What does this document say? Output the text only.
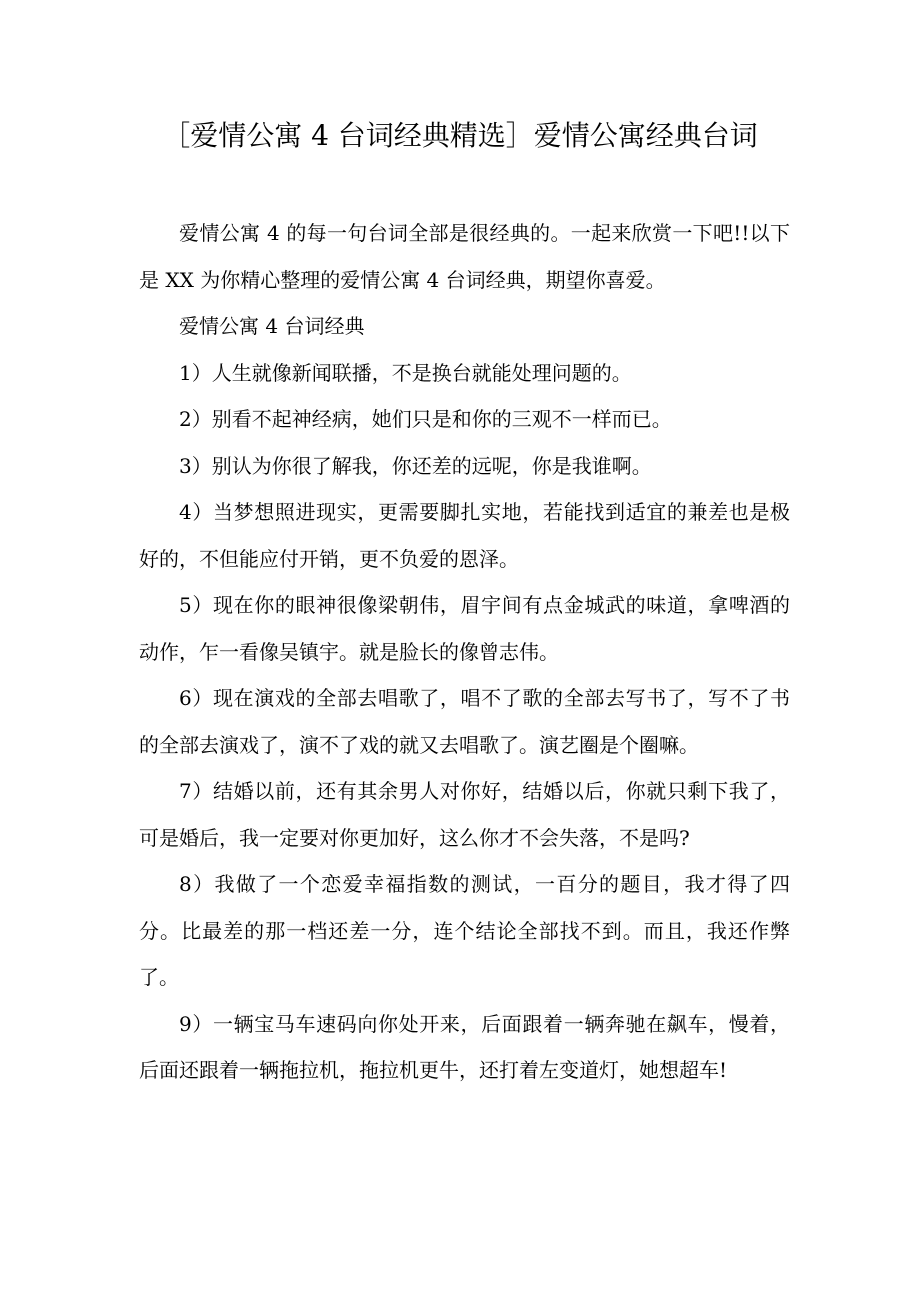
［爱情公寓 4 台词经典精选］爱情公寓经典台词

爱情公寓 4 的每一句台词全部是很经典的。一起来欣赏一下吧!!以下是 XX 为你精心整理的爱情公寓 4 台词经典，期望你喜爱。

爱情公寓 4 台词经典

1）人生就像新闻联播，不是换台就能处理问题的。

2）别看不起神经病，她们只是和你的三观不一样而已。

3）别认为你很了解我，你还差的远呢，你是我谁啊。

4）当梦想照进现实，更需要脚扎实地，若能找到适宜的兼差也是极好的，不但能应付开销，更不负爱的恩泽。

5）现在你的眼神很像梁朝伟，眉宇间有点金城武的味道，拿啤酒的动作，乍一看像吴镇宇。就是脸长的像曾志伟。

6）现在演戏的全部去唱歌了，唱不了歌的全部去写书了，写不了书的全部去演戏了，演不了戏的就又去唱歌了。演艺圈是个圈嘛。

7）结婚以前，还有其余男人对你好，结婚以后，你就只剩下我了，可是婚后，我一定要对你更加好，这么你才不会失落，不是吗?

8）我做了一个恋爱幸福指数的测试，一百分的题目，我才得了四分。比最差的那一档还差一分，连个结论全部找不到。而且，我还作弊了。

9）一辆宝马车速码向你处开来，后面跟着一辆奔驰在飙车，慢着，后面还跟着一辆拖拉机，拖拉机更牛，还打着左变道灯，她想超车!
